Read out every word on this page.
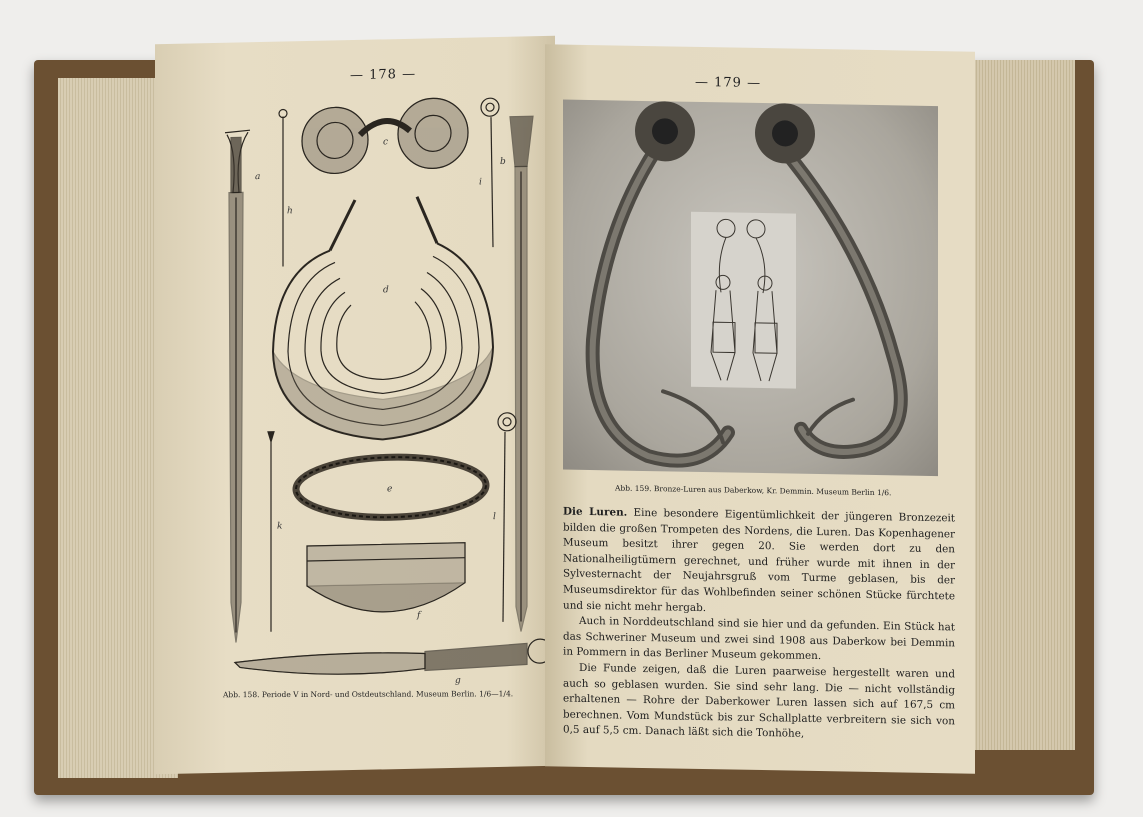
— 178 —
a
b
c
d
e
f
g
h
i
k
l
Abb. 158. Periode V in Nord- und Ostdeutschland. Museum Berlin. 1/6—1/4.
— 179 —
Abb. 159. Bronze-Luren aus Daberkow, Kr. Demmin. Museum Berlin 1/6.

Die Luren. Eine besondere Eigentümlichkeit der jüngeren Bronzezeit bilden die großen Trompeten des Nordens, die Luren. Das Kopenhagener Museum besitzt ihrer gegen 20. Sie werden dort zu den Nationalheiligtümern gerechnet, und früher wurde mit ihnen in der Sylvesternacht der Neujahrsgruß vom Turme geblasen, bis der Museumsdirektor für das Wohlbefinden seiner schönen Stücke fürchtete und sie nicht mehr hergab.

Auch in Norddeutschland sind sie hier und da gefunden. Ein Stück hat das Schweriner Museum und zwei sind 1908 aus Daberkow bei Demmin in Pommern in das Berliner Museum gekommen.

Die Funde zeigen, daß die Luren paarweise hergestellt waren und auch so geblasen wurden. Sie sind sehr lang. Die — nicht vollständig erhaltenen — Rohre der Daberkower Luren lassen sich auf 167,5 cm berechnen. Vom Mundstück bis zur Schallplatte verbreitern sie sich von 0,5 auf 5,5 cm. Danach läßt sich die Tonhöhe,
